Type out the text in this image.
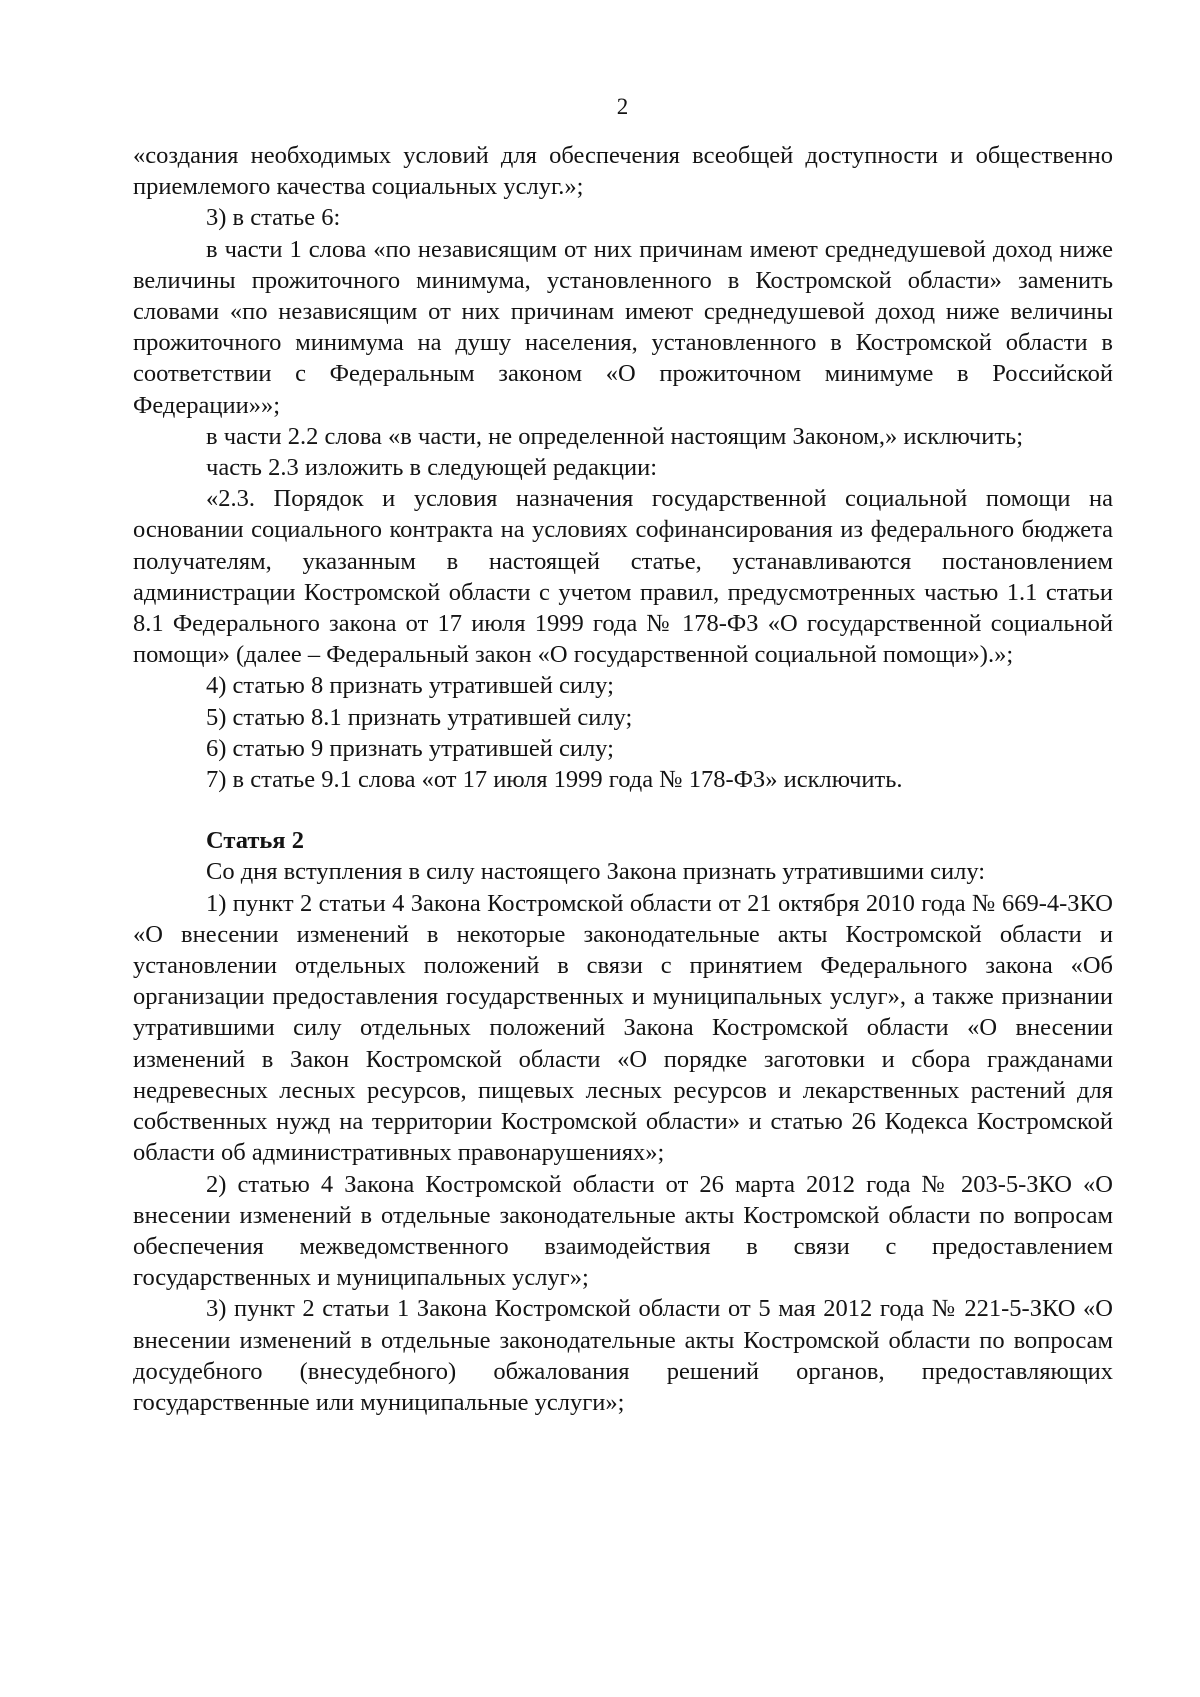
2

«создания необходимых условий для обеспечения всеобщей доступности и общественно приемлемого качества социальных услуг.»;

3) в статье 6:

в части 1 слова «по независящим от них причинам имеют среднедушевой доход ниже величины прожиточного минимума, установленного в Костромской области» заменить словами «по независящим от них причинам имеют среднедушевой доход ниже величины прожиточного минимума на душу населения, установленного в Костромской области в соответствии с Федеральным законом «О прожиточном минимуме в Российской Федерации»»;

в части 2.2 слова «в части, не определенной настоящим Законом,» исключить;

часть 2.3 изложить в следующей редакции:

«2.3. Порядок и условия назначения государственной социальной помощи на основании социального контракта на условиях софинансирования из федерального бюджета получателям, указанным в настоящей статье, устанавливаются постановлением администрации Костромской области с учетом правил, предусмотренных частью 1.1 статьи 8.1 Федерального закона от 17 июля 1999 года № 178-ФЗ «О государственной социальной помощи» (далее – Федеральный закон «О государственной социальной помощи»).»;

4) статью 8 признать утратившей силу;

5) статью 8.1 признать утратившей силу;

6) статью 9 признать утратившей силу;

7) в статье 9.1 слова «от 17 июля 1999 года № 178-ФЗ» исключить.

Статья 2

Со дня вступления в силу настоящего Закона признать утратившими силу:

1) пункт 2 статьи 4 Закона Костромской области от 21 октября 2010 года № 669-4-ЗКО «О внесении изменений в некоторые законодательные акты Костромской области и установлении отдельных положений в связи с принятием Федерального закона «Об организации предоставления государственных и муниципальных услуг», а также признании утратившими силу отдельных положений Закона Костромской области «О внесении изменений в Закон Костромской области «О порядке заготовки и сбора гражданами недревесных лесных ресурсов, пищевых лесных ресурсов и лекарственных растений для собственных нужд на территории Костромской области» и статью 26 Кодекса Костромской области об административных правонарушениях»;

2) статью 4 Закона Костромской области от 26 марта 2012 года № 203-5-ЗКО «О внесении изменений в отдельные законодательные акты Костромской области по вопросам обеспечения межведомственного взаимодействия в связи с предоставлением государственных и муниципальных услуг»;

3) пункт 2 статьи 1 Закона Костромской области от 5 мая 2012 года № 221-5-ЗКО «О внесении изменений в отдельные законодательные акты Костромской области по вопросам досудебного (внесудебного) обжалования решений органов, предоставляющих государственные или муниципальные услуги»;
